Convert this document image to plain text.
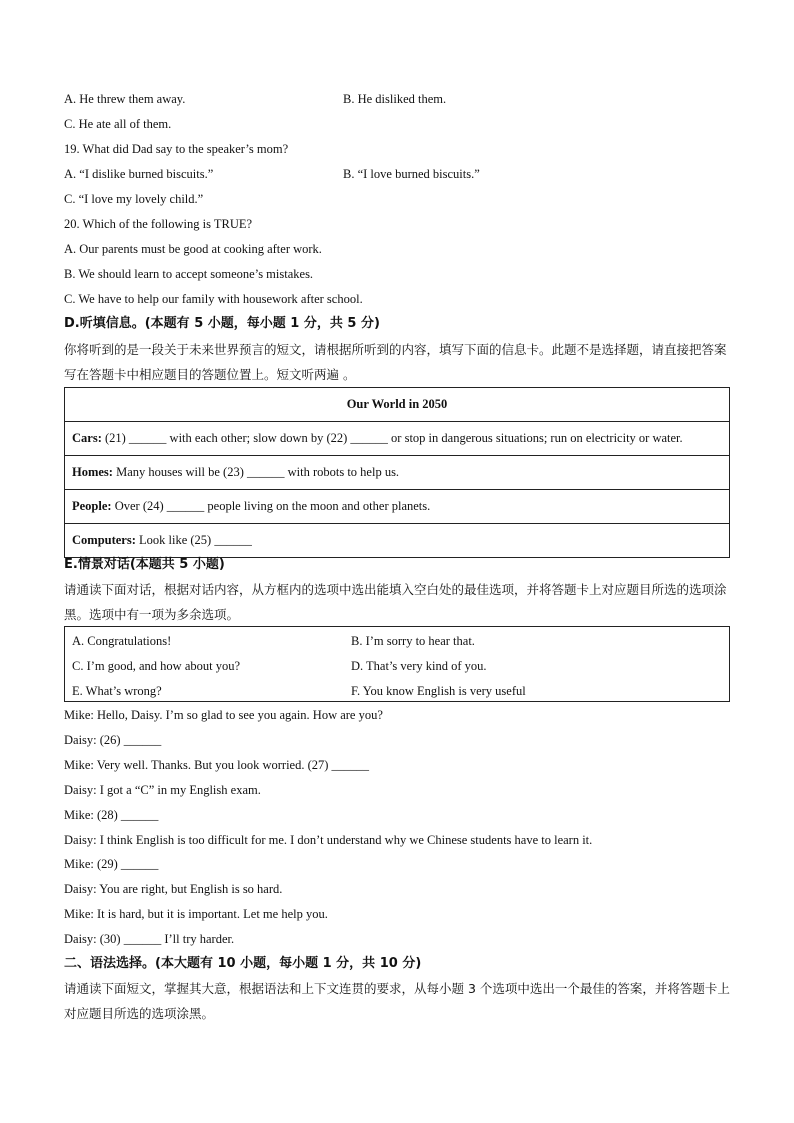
A. He threw them away.	B. He disliked them.
C. He ate all of them.
19. What did Dad say to the speaker’s mom?
A. “I dislike burned biscuits.”	B. “I love burned biscuits.”
C. “I love my lovely child.”
20. Which of the following is TRUE?
A. Our parents must be good at cooking after work.
B. We should learn to accept someone’s mistakes.
C. We have to help our family with housework after school.
D.听填信息。(本题有 5 小题，每小题 1 分，共 5 分)
你将听到的是一段关于未来世界预言的短文，请根据所听到的内容，填写下面的信息卡。此题不是选择题，请直接把答案写在答题卡中相应题目的答题位置上。短文听两遍 。
Our World in 2050
Cars: (21) ______ with each other; slow down by (22) ______ or stop in dangerous situations; run on electricity or water.
Homes: Many houses will be (23) ______ with robots to help us.
People: Over (24) ______ people living on the moon and other planets.
Computers: Look like (25) ______
E.情景对话(本题共 5 小题)
请通读下面对话，根据对话内容，从方框内的选项中选出能填入空白处的最佳选项，并将答题卡上对应题目所选的选项涂黑。选项中有一项为多余选项。
A. Congratulations!	B. I’m sorry to hear that.
C. I’m good, and how about you?	D. That’s very kind of you.
E. What’s wrong?	F. You know English is very useful
Mike: Hello, Daisy. I’m so glad to see you again. How are you?
Daisy: (26) ______
Mike: Very well. Thanks. But you look worried. (27) ______
Daisy: I got a “C” in my English exam.
Mike: (28) ______
Daisy: I think English is too difficult for me. I don’t understand why we Chinese students have to learn it.
Mike: (29) ______
Daisy: You are right, but English is so hard.
Mike: It is hard, but it is important. Let me help you.
Daisy: (30) ______ I’ll try harder.
二、语法选择。(本大题有 10 小题，每小题 1 分，共 10 分)
请通读下面短文，掌握其大意，根据语法和上下文连贯的要求，从每小题 3 个选项中选出一个最佳的答案，并将答题卡上对应题目所选的选项涂黑。
